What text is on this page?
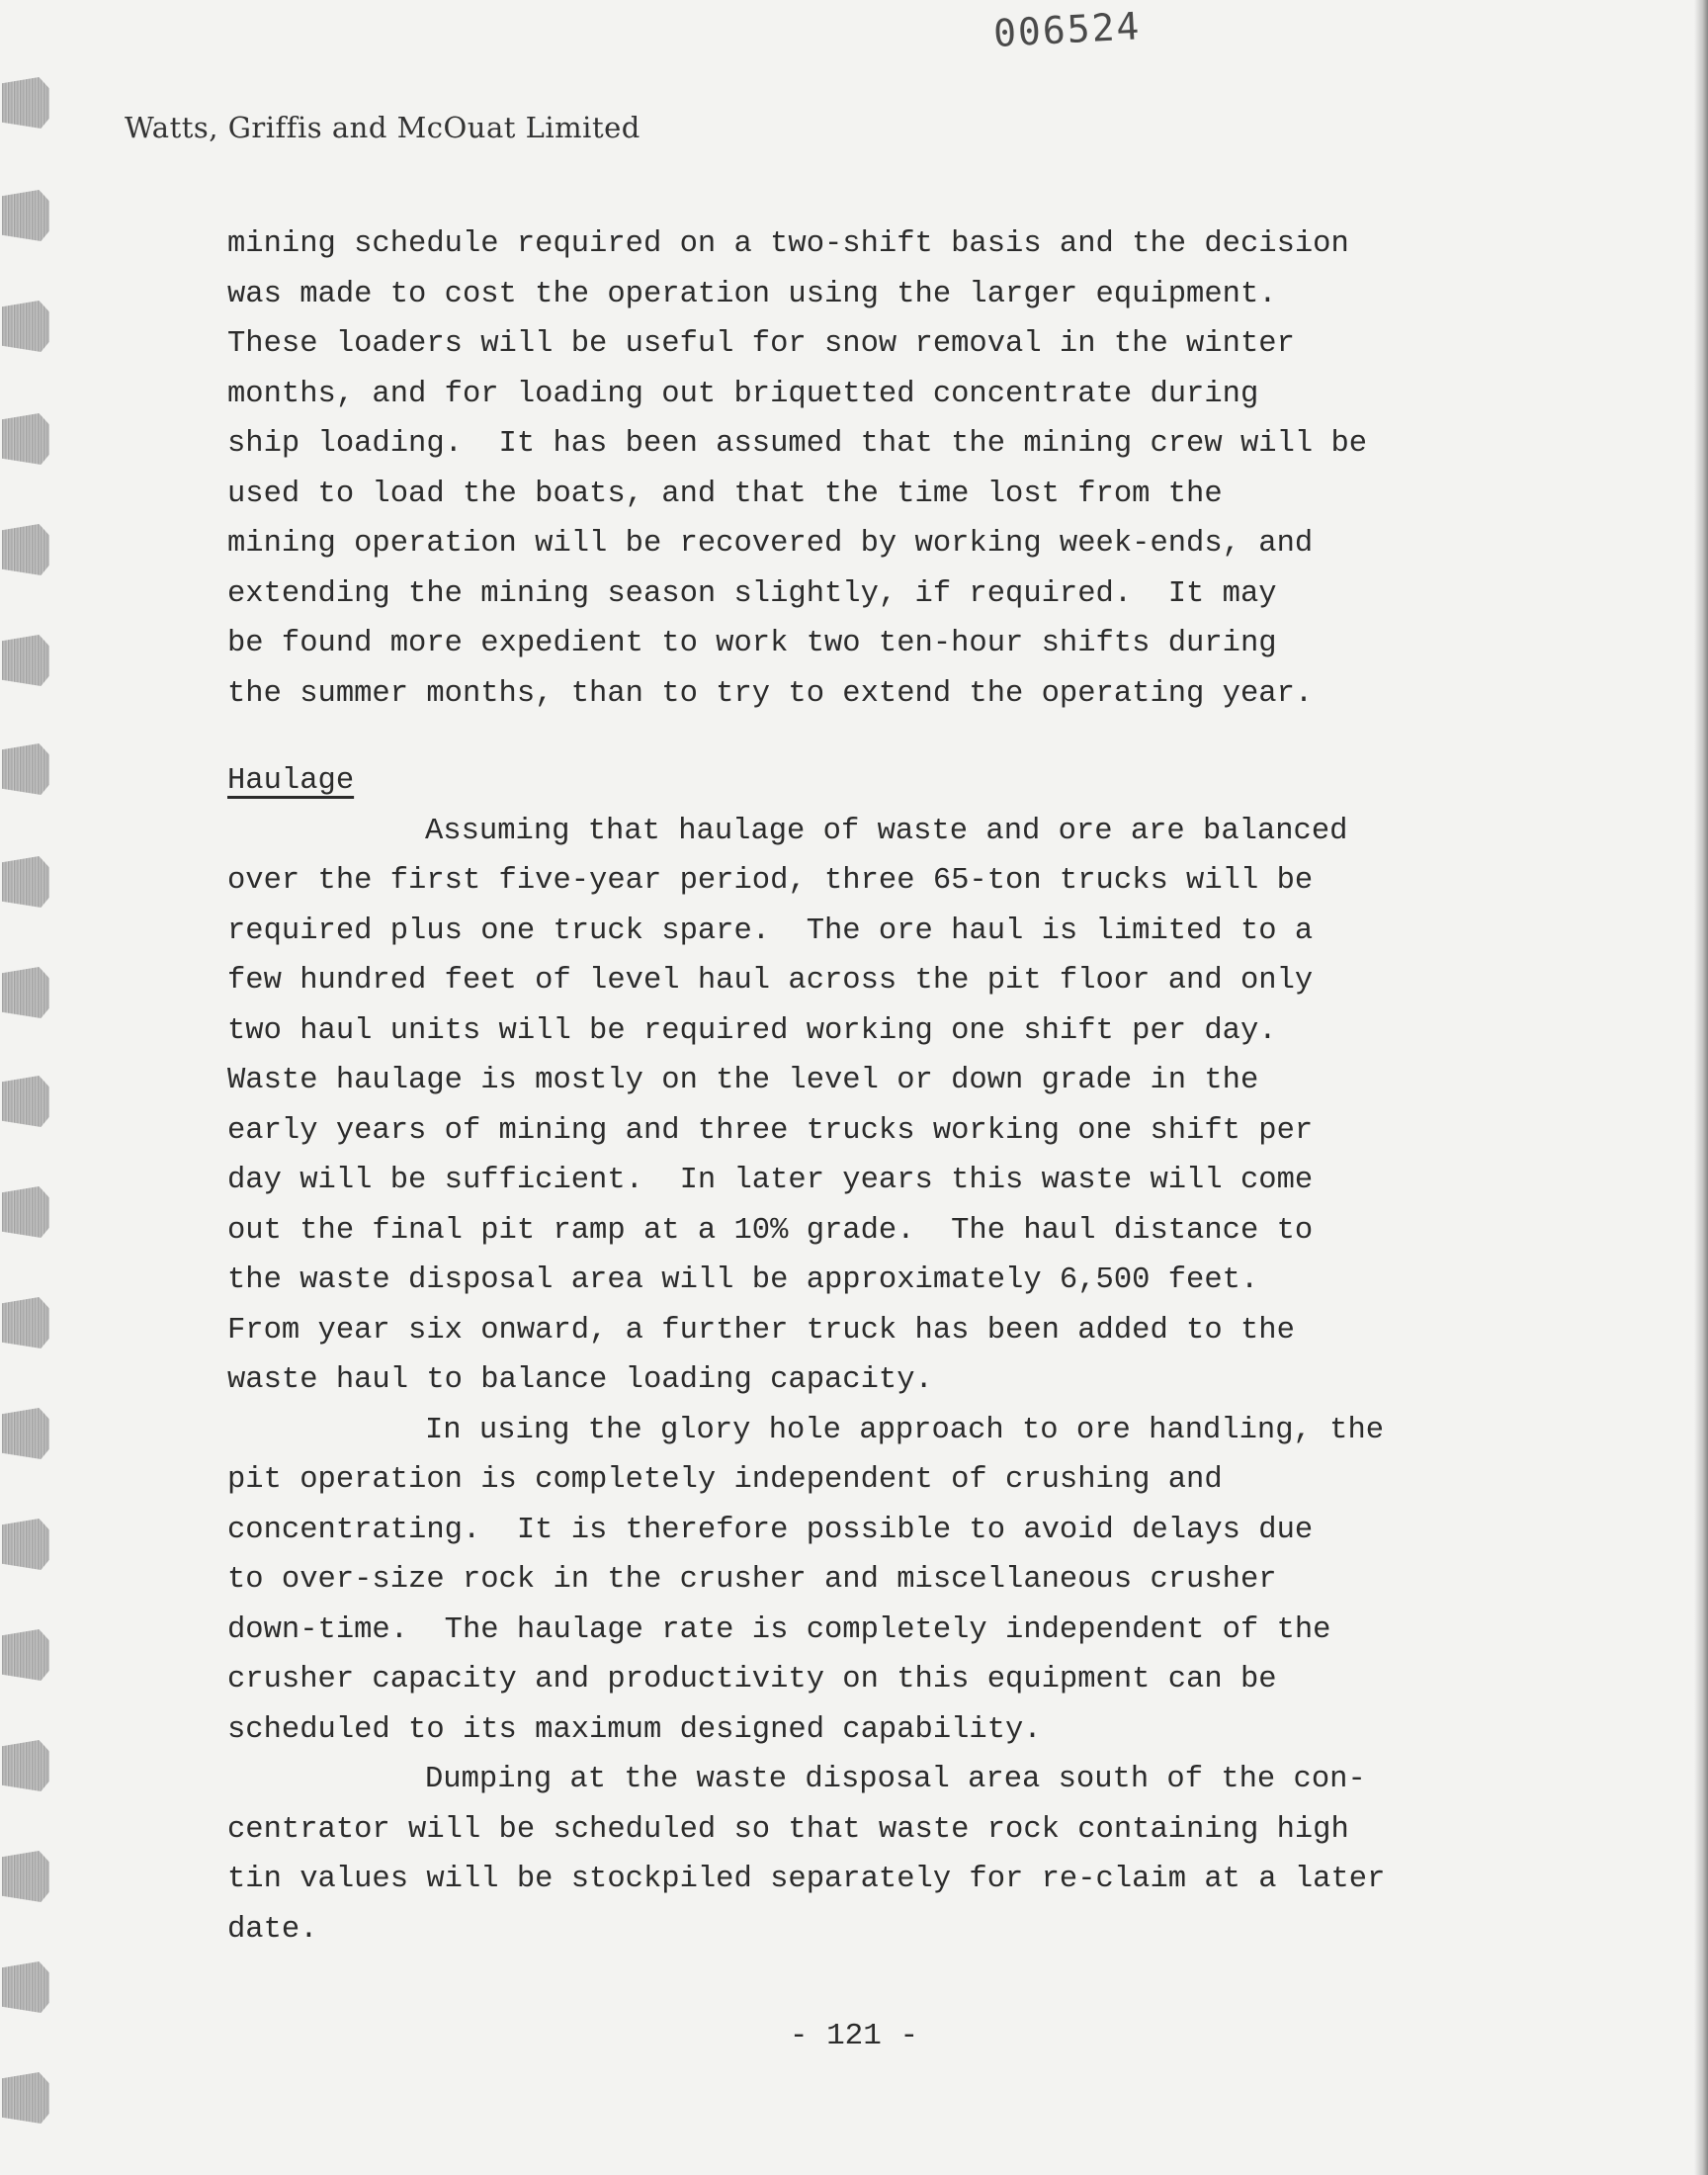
006524
Watts, Griffis and McOuat Limited
mining schedule required on a two-shift basis and the decision
was made to cost the operation using the larger equipment.
These loaders will be useful for snow removal in the winter
months, and for loading out briquetted concentrate during
ship loading.  It has been assumed that the mining crew will be
used to load the boats, and that the time lost from the
mining operation will be recovered by working week-ends, and
extending the mining season slightly, if required.  It may
be found more expedient to work two ten-hour shifts during
the summer months, than to try to extend the operating year.
Haulage
Assuming that haulage of waste and ore are balanced
over the first five-year period, three 65-ton trucks will be
required plus one truck spare.  The ore haul is limited to a
few hundred feet of level haul across the pit floor and only
two haul units will be required working one shift per day.
Waste haulage is mostly on the level or down grade in the
early years of mining and three trucks working one shift per
day will be sufficient.  In later years this waste will come
out the final pit ramp at a 10% grade.  The haul distance to
the waste disposal area will be approximately 6,500 feet.
From year six onward, a further truck has been added to the
waste haul to balance loading capacity.
In using the glory hole approach to ore handling, the
pit operation is completely independent of crushing and
concentrating.  It is therefore possible to avoid delays due
to over-size rock in the crusher and miscellaneous crusher
down-time.  The haulage rate is completely independent of the
crusher capacity and productivity on this equipment can be
scheduled to its maximum designed capability.
Dumping at the waste disposal area south of the con-
centrator will be scheduled so that waste rock containing high
tin values will be stockpiled separately for re-claim at a later
date.
- 121 -
